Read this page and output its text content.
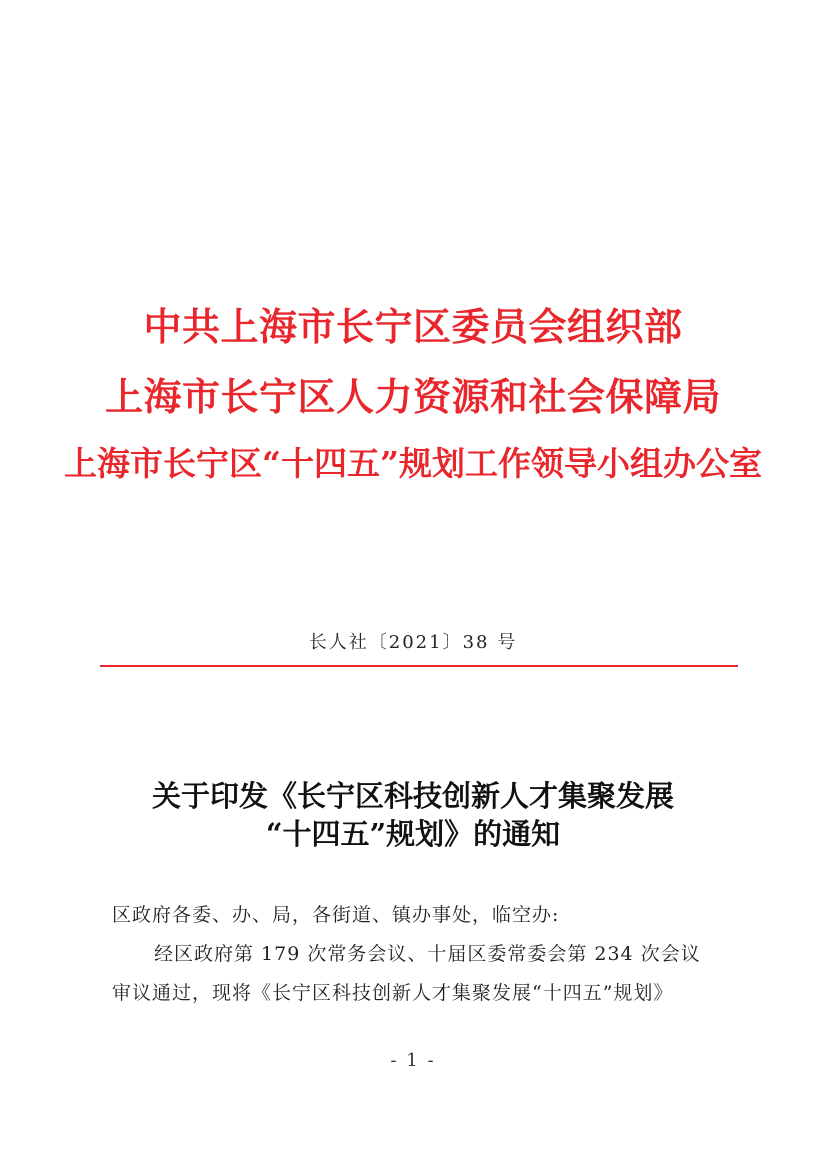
中共上海市长宁区委员会组织部
上海市长宁区人力资源和社会保障局
上海市长宁区“十四五”规划工作领导小组办公室
长人社〔2021〕38 号
关于印发《长宁区科技创新人才集聚发展
“十四五”规划》的通知
区政府各委、办、局，各街道、镇办事处，临空办:
经区政府第 179 次常务会议、十届区委常委会第 234 次会议
审议通过，现将《长宁区科技创新人才集聚发展“十四五”规划》
- 1 -
